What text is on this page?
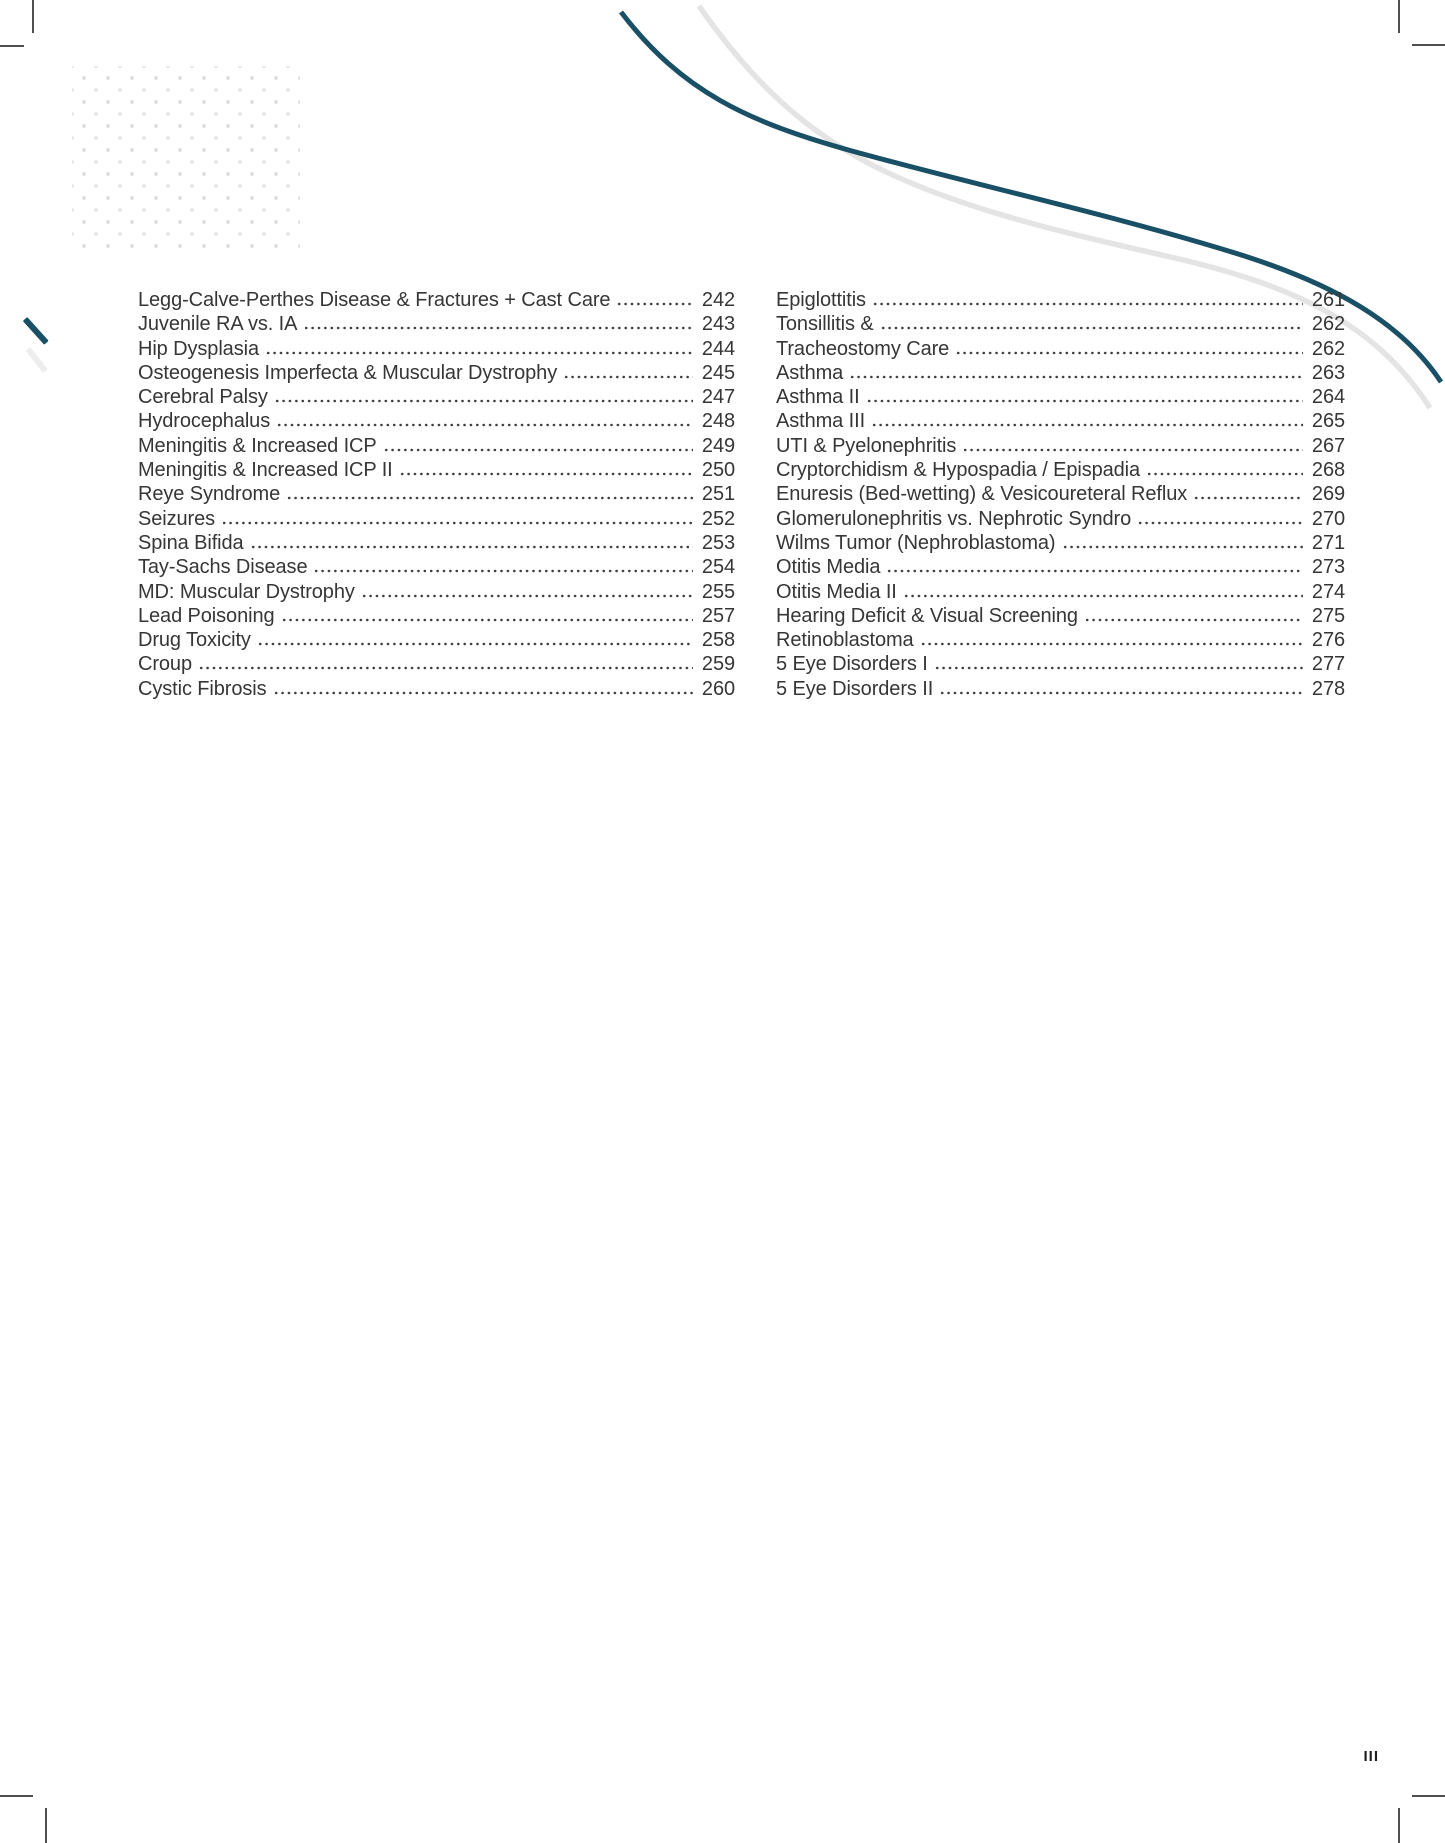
Legg-Calve-Perthes Disease & Fractures + Cast Care	242
Juvenile RA vs. IA	243
Hip Dysplasia	244
Osteogenesis Imperfecta & Muscular Dystrophy	245
Cerebral Palsy	247
Hydrocephalus	248
Meningitis & Increased ICP	249
Meningitis & Increased ICP II	250
Reye Syndrome	251
Seizures	252
Spina Bifida	253
Tay-Sachs Disease	254
MD: Muscular Dystrophy	255
Lead Poisoning	257
Drug Toxicity	258
Croup	259
Cystic Fibrosis	260
Epiglottitis	261
Tonsillitis &	262
Tracheostomy Care	262
Asthma	263
Asthma II	264
Asthma III	265
UTI & Pyelonephritis	267
Cryptorchidism & Hypospadia / Epispadia	268
Enuresis (Bed-wetting) & Vesicoureteral Reflux	269
Glomerulonephritis vs. Nephrotic Syndro	270
Wilms Tumor (Nephroblastoma)	271
Otitis Media	273
Otitis Media II	274
Hearing Deficit & Visual Screening	275
Retinoblastoma	276
5 Eye Disorders I	277
5 Eye Disorders II	278
III
